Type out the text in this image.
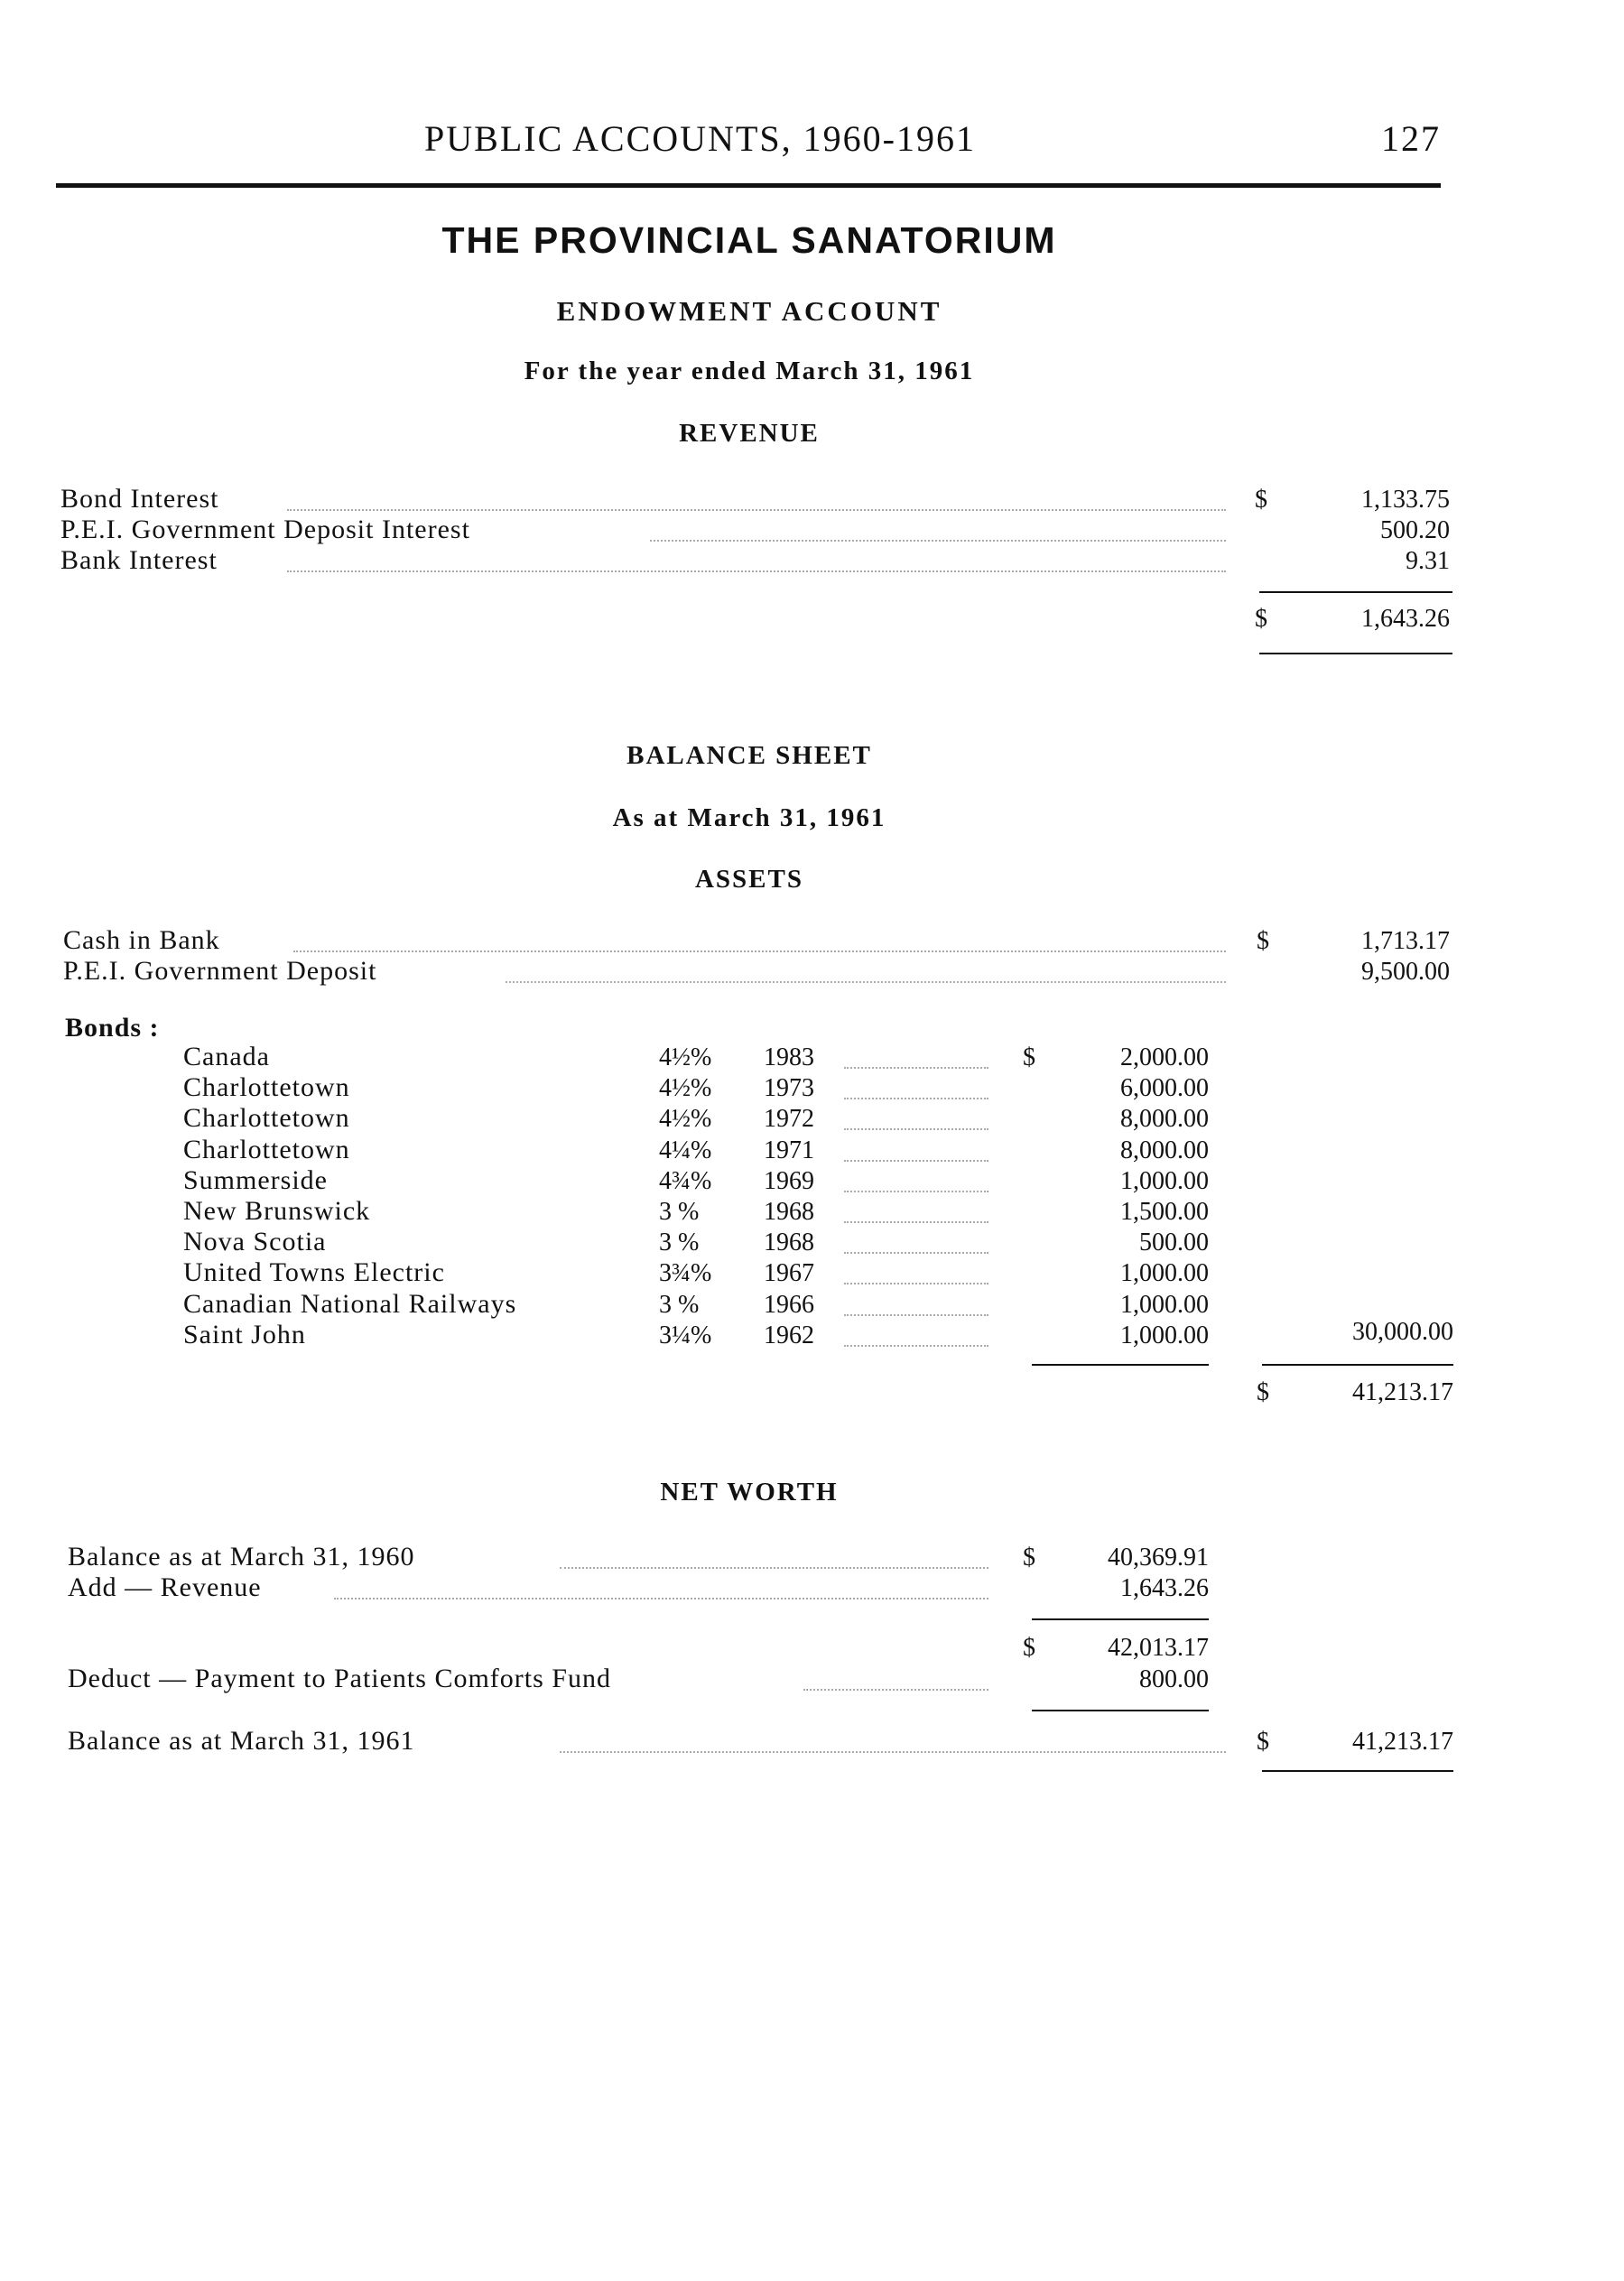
PUBLIC ACCOUNTS, 1960-1961	127
THE PROVINCIAL SANATORIUM
ENDOWMENT ACCOUNT
For the year ended March 31, 1961
REVENUE
Bond Interest	$	1,133.75
P.E.I. Government Deposit Interest	500.20
Bank Interest	9.31
$	1,643.26
BALANCE SHEET
As at March 31, 1961
ASSETS
Cash in Bank	$	1,713.17
P.E.I. Government Deposit	9,500.00
Bonds :
Canada	4½% 1983	$	2,000.00
Charlottetown	4½% 1973	6,000.00
Charlottetown	4½% 1972	8,000.00
Charlottetown	4¼% 1971	8,000.00
Summerside	4¾% 1969	1,000.00
New Brunswick	3 %	1968	1,500.00
Nova Scotia	3 %	1968	500.00
United Towns Electric	3¾% 1967	1,000.00
Canadian National Railways	3 %	1966	1,000.00
Saint John	3¼% 1962	1,000.00	30,000.00
$	41,213.17
NET WORTH
Balance as at March 31, 1960	$	40,369.91
Add — Revenue	1,643.26
$	42,013.17
Deduct — Payment to Patients Comforts Fund	800.00
Balance as at March 31, 1961	$	41,213.17
